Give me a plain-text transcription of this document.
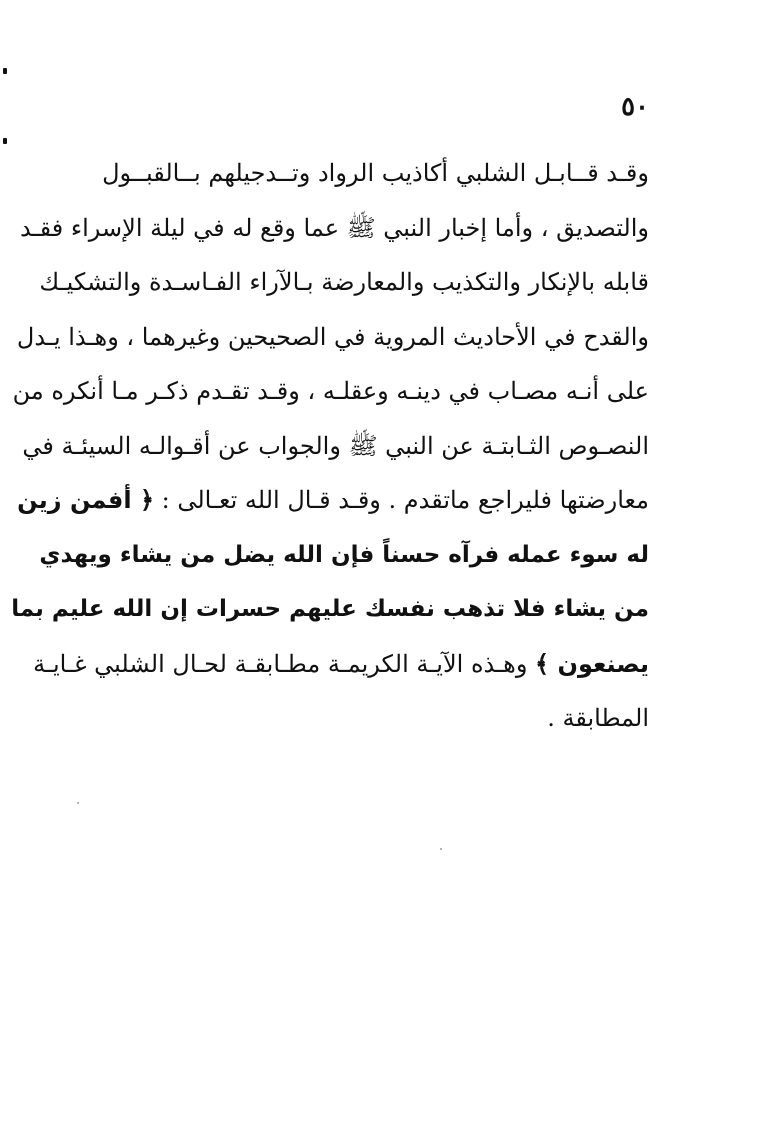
٥٠
وقـد قــابـل الشلبي أكاذيب الرواد وتــدجيلهم بــالقبــول
والتصديق ، وأما إخبار النبي ﷺ عما وقع له في ليلة الإسراء فقـد
قابله بالإنكار والتكذيب والمعارضة بـالآراء الفـاسـدة والتشكيـك
والقدح في الأحاديث المروية في الصحيحين وغيرهما ، وهـذا يـدل
على أنـه مصـاب في دينـه وعقلـه ، وقـد تقـدم ذكـر مـا أنكره من
النصـوص الثـابتـة عن النبي ﷺ والجواب عن أقـوالـه السيئـة في
معارضتها فليراجع ماتقدم . وقـد قـال الله تعـالى : ﴿ أفمن زين
له سوء عمله فرآه حسناً فإن الله يضل من يشاء ويهدي
من يشاء فلا تذهب نفسك عليهم حسرات إن الله عليم بما
يصنعون ﴾ وهـذه الآيـة الكريمـة مطـابقـة لحـال الشلبي غـايـة
المطابقة .
